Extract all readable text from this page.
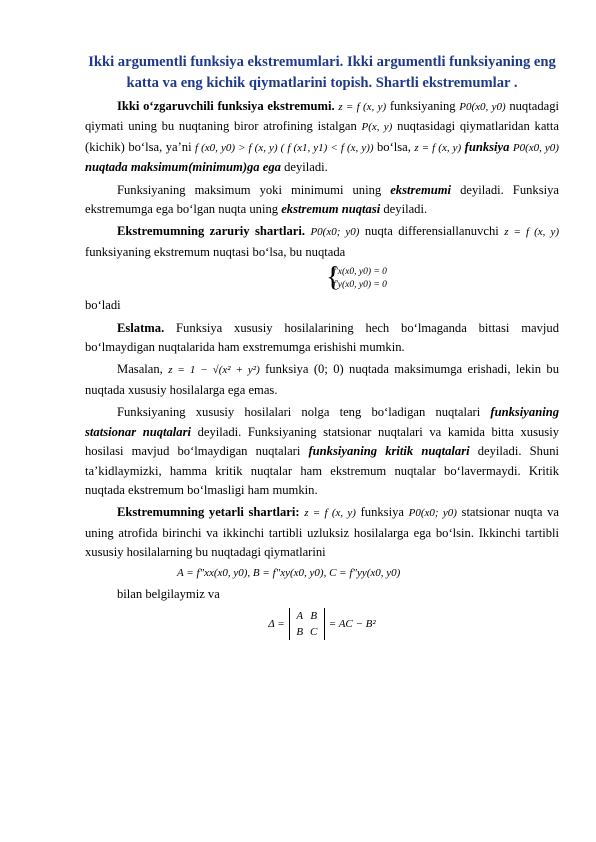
Ikki argumentli funksiya ekstremumlari. Ikki argumentli funksiyaning eng katta va eng kichik qiymatlarini topish. Shartli ekstremumlar .

Ikki o‘zgaruvchili funksiya ekstremumi. z = f (x, y) funksiyaning P0(x0, y0) nuqtadagi qiymati uning bu nuqtaning biror atrofining istalgan P(x, y) nuqtasidagi qiymatlaridan katta (kichik) bo‘lsa, ya’ni f (x0, y0) > f (x, y) ( f (x1, y1) < f (x, y)) bo‘lsa, z = f (x, y) funksiya P0(x0, y0) nuqtada maksimum(minimum)ga ega deyiladi.

Funksiyaning maksimum yoki minimumi uning ekstremumi deyiladi. Funksiya ekstremumga ega bo‘lgan nuqta uning ekstremum nuqtasi deyiladi.

Ekstremumning zaruriy shartlari. P0(x0; y0) nuqta differensiallanuvchi z = f (x, y) funksiyaning ekstremum nuqtasi bo‘lsa, bu nuqtada

{
f′x(x0, y0) = 0
f′y(x0, y0) = 0

bo‘ladi

Eslatma. Funksiya xususiy hosilalarining hech bo‘lmaganda bittasi mavjud bo‘lmaydigan nuqtalarida ham exstremumga erishishi mumkin.

Masalan, z = 1 − √(x² + y²) funksiya (0; 0) nuqtada maksimumga erishadi, lekin bu nuqtada xususiy hosilalarga ega emas.

Funksiyaning xususiy hosilalari nolga teng bo‘ladigan nuqtalari funksiyaning statsionar nuqtalari deyiladi. Funksiyaning statsionar nuqtalari va kamida bitta xususiy hosilasi mavjud bo‘lmaydigan nuqtalari funksiyaning kritik nuqtalari deyiladi. Shuni ta’kidlaymizki, hamma kritik nuqtalar ham ekstremum nuqtalar bo‘lavermaydi. Kritik nuqtada ekstremum bo‘lmasligi ham mumkin.

Ekstremumning yetarli shartlari: z = f (x, y) funksiya P0(x0; y0) statsionar nuqta va uning atrofida birinchi va ikkinchi tartibli uzluksiz hosilalarga ega bo‘lsin. Ikkinchi tartibli xususiy hosilalarning bu nuqtadagi qiymatlarini

A = f″xx(x0, y0), B = f″xy(x0, y0), C = f″yy(x0, y0)

bilan belgilaymiz va

Δ =
A B
B C
= AC − B²
